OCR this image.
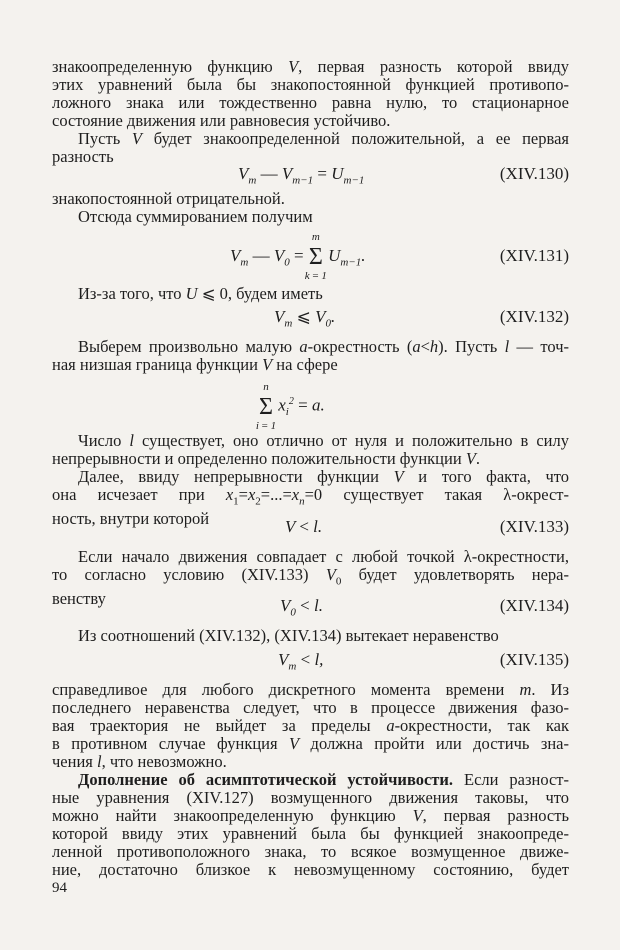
знакоопределенную функцию V, первая разность которой ввиду
этих уравнений была бы знакопостоянной функцией противопо-
ложного знака или тождественно равна нулю, то стационарное
состояние движения или равновесия устойчиво.
Пусть V будет знакоопределенной положительной, а ее первая
разность
$V_m$ — $V_{m-1} = U_{m-1}$	(XIV.130)
знакопостоянной отрицательной.
Отсюда суммированием получим
$V_m$ — $V_0$ =
m
Σ
k = 1
$U_{m-1}$.	(XIV.131)
Из-за того, что U ⩽ 0, будем иметь
$V_m$ ⩽ $V_0$.	(XIV.132)
Выберем произвольно малую a-окрестность (a<h). Пусть l — точ-
ная низшая граница функции V на сфере
n
Σ
i = 1
$x_i^2 = a$.
Число l существует, оно отлично от нуля и положительно в силу
непрерывности и определенно положительности функции V.
Далее, ввиду непрерывности функции V и того факта, что
она исчезает при $x_1=x_2=...=x_n=0$ существует такая λ-окрест-
ность, внутри которой	V < l.	(XIV.133)
Если начало движения совпадает с любой точкой λ-окрестности,
то согласно условию (XIV.133) $V_0$ будет удовлетворять нера-
венству	$V_0 < l$.	(XIV.134)
Из соотношений (XIV.132), (XIV.134) вытекает неравенство
$V_m < l$,	(XIV.135)
справедливое для любого дискретного момента времени m. Из
последнего неравенства следует, что в процессе движения фазо-
вая траектория не выйдет за пределы a-окрестности, так как
в противном случае функция V должна пройти или достичь зна-
чения l, что невозможно.
Дополнение об асимптотической устойчивости. Если разност-
ные уравнения (XIV.127) возмущенного движения таковы, что
можно найти знакоопределенную функцию V, первая разность
которой ввиду этих уравнений была бы функцией знакоопреде-
ленной противоположного знака, то всякое возмущенное движе-
ние, достаточно близкое к невозмущенному состоянию, будет
94
